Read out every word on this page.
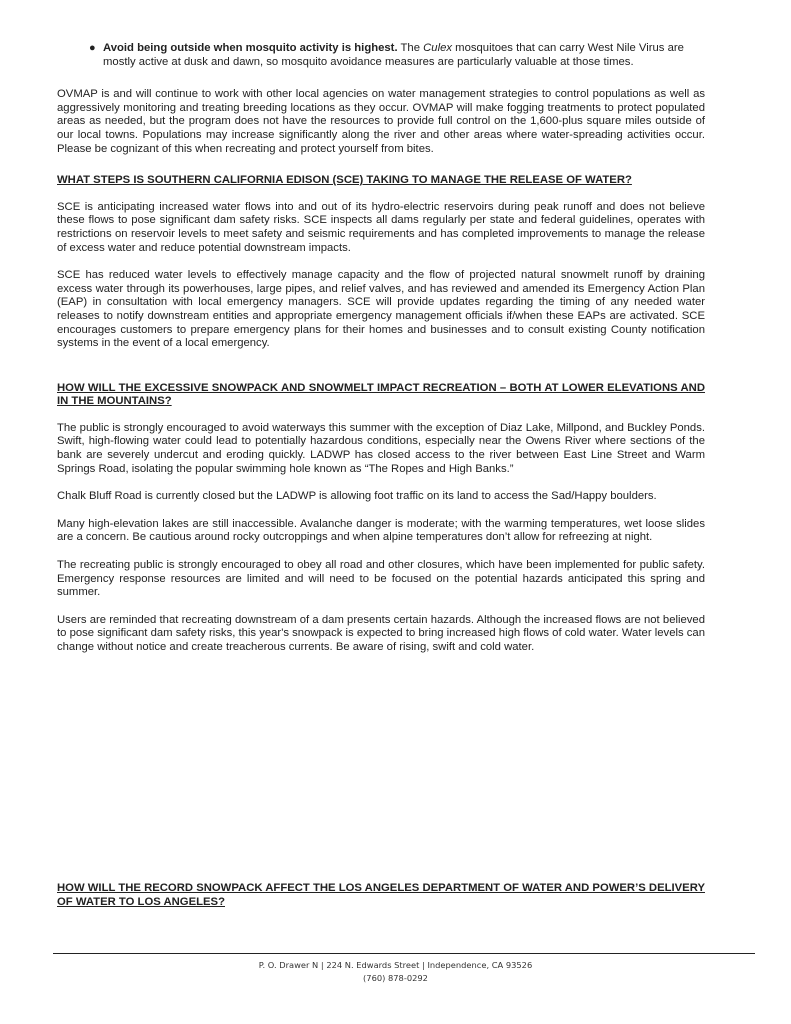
● Avoid being outside when mosquito activity is highest. The Culex mosquitoes that can carry West Nile Virus are mostly active at dusk and dawn, so mosquito avoidance measures are particularly valuable at those times.

OVMAP is and will continue to work with other local agencies on water management strategies to control populations as well as aggressively monitoring and treating breeding locations as they occur. OVMAP will make fogging treatments to protect populated areas as needed, but the program does not have the resources to provide full control on the 1,600-plus square miles outside of our local towns. Populations may increase significantly along the river and other areas where water-spreading activities occur. Please be cognizant of this when recreating and protect yourself from bites.

WHAT STEPS IS SOUTHERN CALIFORNIA EDISON (SCE) TAKING TO MANAGE THE RELEASE OF WATER?

SCE is anticipating increased water flows into and out of its hydro-electric reservoirs during peak runoff and does not believe these flows to pose significant dam safety risks. SCE inspects all dams regularly per state and federal guidelines, operates with restrictions on reservoir levels to meet safety and seismic requirements and has completed improvements to manage the release of excess water and reduce potential downstream impacts.

SCE has reduced water levels to effectively manage capacity and the flow of projected natural snowmelt runoff by draining excess water through its powerhouses, large pipes, and relief valves, and has reviewed and amended its Emergency Action Plan (EAP) in consultation with local emergency managers. SCE will provide updates regarding the timing of any needed water releases to notify downstream entities and appropriate emergency management officials if/when these EAPs are activated. SCE encourages customers to prepare emergency plans for their homes and businesses and to consult existing County notification systems in the event of a local emergency.

HOW WILL THE EXCESSIVE SNOWPACK AND SNOWMELT IMPACT RECREATION – BOTH AT LOWER ELEVATIONS AND IN THE MOUNTAINS?

The public is strongly encouraged to avoid waterways this summer with the exception of Diaz Lake, Millpond, and Buckley Ponds. Swift, high-flowing water could lead to potentially hazardous conditions, especially near the Owens River where sections of the bank are severely undercut and eroding quickly. LADWP has closed access to the river between East Line Street and Warm Springs Road, isolating the popular swimming hole known as “The Ropes and High Banks.”

Chalk Bluff Road is currently closed but the LADWP is allowing foot traffic on its land to access the Sad/Happy boulders.

Many high-elevation lakes are still inaccessible. Avalanche danger is moderate; with the warming temperatures, wet loose slides are a concern. Be cautious around rocky outcroppings and when alpine temperatures don’t allow for refreezing at night.

The recreating public is strongly encouraged to obey all road and other closures, which have been implemented for public safety. Emergency response resources are limited and will need to be focused on the potential hazards anticipated this spring and summer.

Users are reminded that recreating downstream of a dam presents certain hazards. Although the increased flows are not believed to pose significant dam safety risks, this year's snowpack is expected to bring increased high flows of cold water. Water levels can change without notice and create treacherous currents. Be aware of rising, swift and cold water.

HOW WILL THE RECORD SNOWPACK AFFECT THE LOS ANGELES DEPARTMENT OF WATER AND POWER’S DELIVERY OF WATER TO LOS ANGELES?

P. O. Drawer N | 224 N. Edwards Street | Independence, CA 93526
(760) 878-0292
